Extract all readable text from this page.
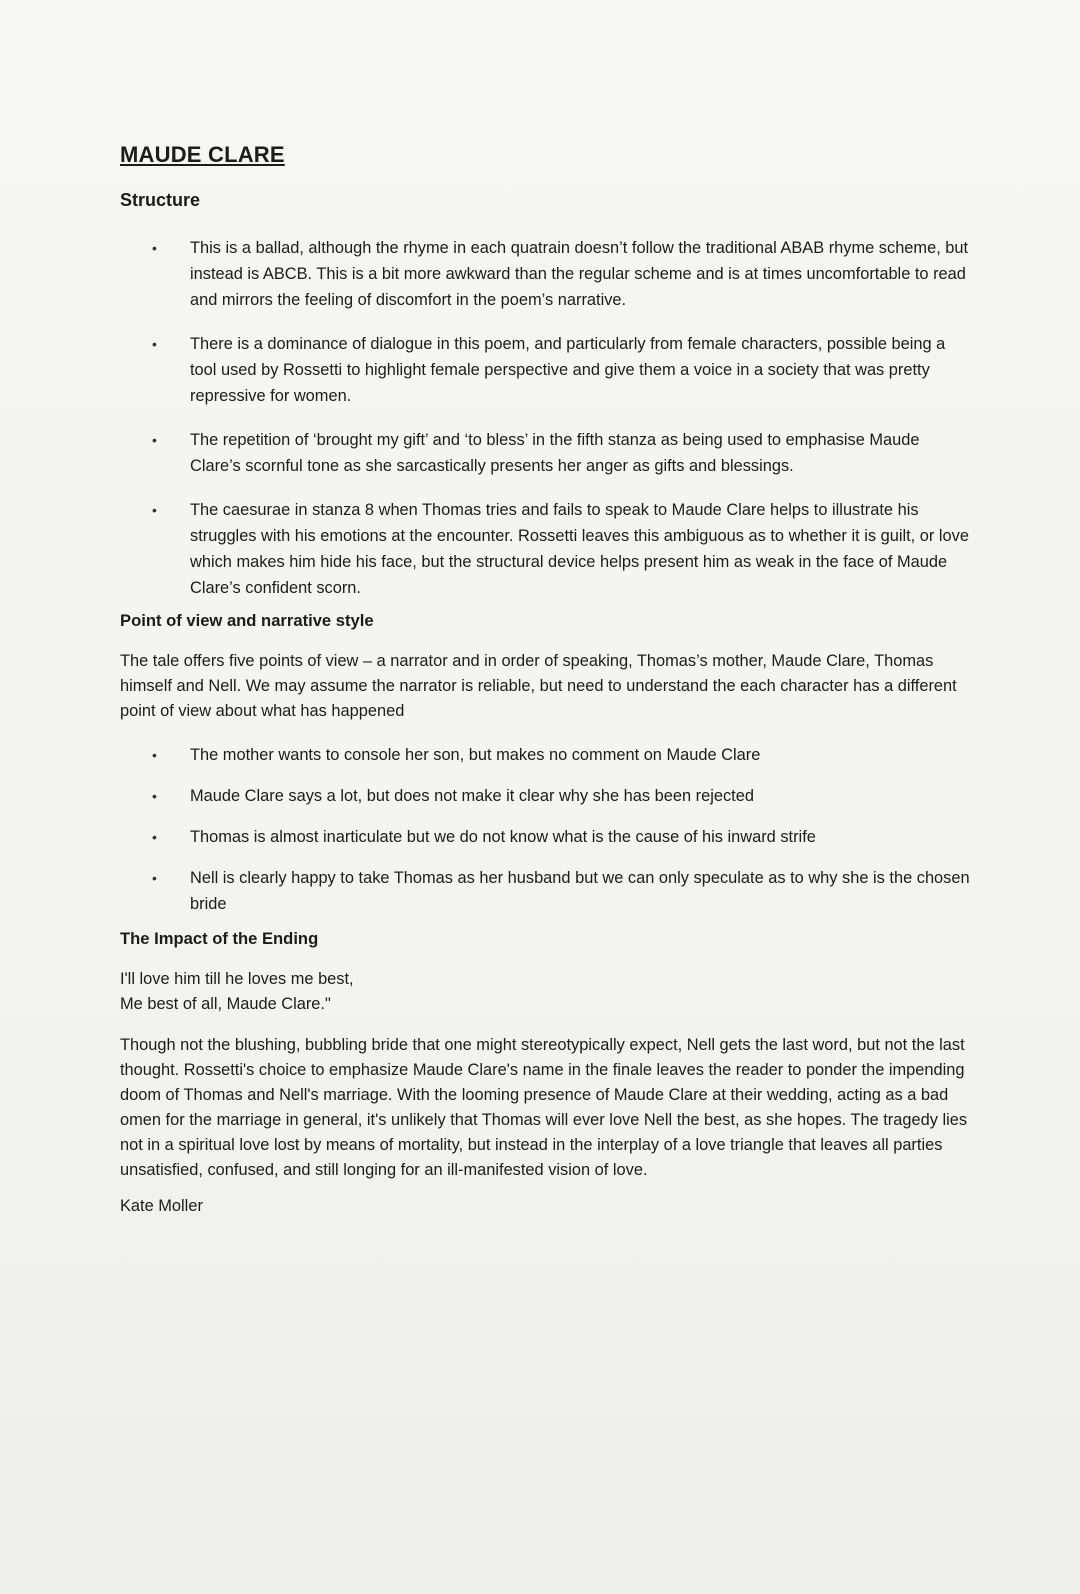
MAUDE CLARE
Structure
• This is a ballad, although the rhyme in each quatrain doesn’t follow the traditional ABAB rhyme scheme, but instead is ABCB. This is a bit more awkward than the regular scheme and is at times uncomfortable to read and mirrors the feeling of discomfort in the poem’s narrative.
• There is a dominance of dialogue in this poem, and particularly from female characters, possible being a tool used by Rossetti to highlight female perspective and give them a voice in a society that was pretty repressive for women.
• The repetition of ‘brought my gift’ and ‘to bless’ in the fifth stanza as being used to emphasise Maude Clare’s scornful tone as she sarcastically presents her anger as gifts and blessings.
• The caesurae in stanza 8 when Thomas tries and fails to speak to Maude Clare helps to illustrate his struggles with his emotions at the encounter. Rossetti leaves this ambiguous as to whether it is guilt, or love which makes him hide his face, but the structural device helps present him as weak in the face of Maude Clare’s confident scorn.
Point of view and narrative style

The tale offers five points of view – a narrator and in order of speaking, Thomas’s mother, Maude Clare, Thomas himself and Nell. We may assume the narrator is reliable, but need to understand the each character has a different point of view about what has happened

• The mother wants to console her son, but makes no comment on Maude Clare
• Maude Clare says a lot, but does not make it clear why she has been rejected
• Thomas is almost inarticulate but we do not know what is the cause of his inward strife
• Nell is clearly happy to take Thomas as her husband but we can only speculate as to why she is the chosen bride
The Impact of the Ending

I'll love him till he loves me best,
Me best of all, Maude Clare."

Though not the blushing, bubbling bride that one might stereotypically expect, Nell gets the last word, but not the last thought. Rossetti's choice to emphasize Maude Clare's name in the finale leaves the reader to ponder the impending doom of Thomas and Nell's marriage. With the looming presence of Maude Clare at their wedding, acting as a bad omen for the marriage in general, it's unlikely that Thomas will ever love Nell the best, as she hopes. The tragedy lies not in a spiritual love lost by means of mortality, but instead in the interplay of a love triangle that leaves all parties unsatisfied, confused, and still longing for an ill-manifested vision of love.

Kate Moller
